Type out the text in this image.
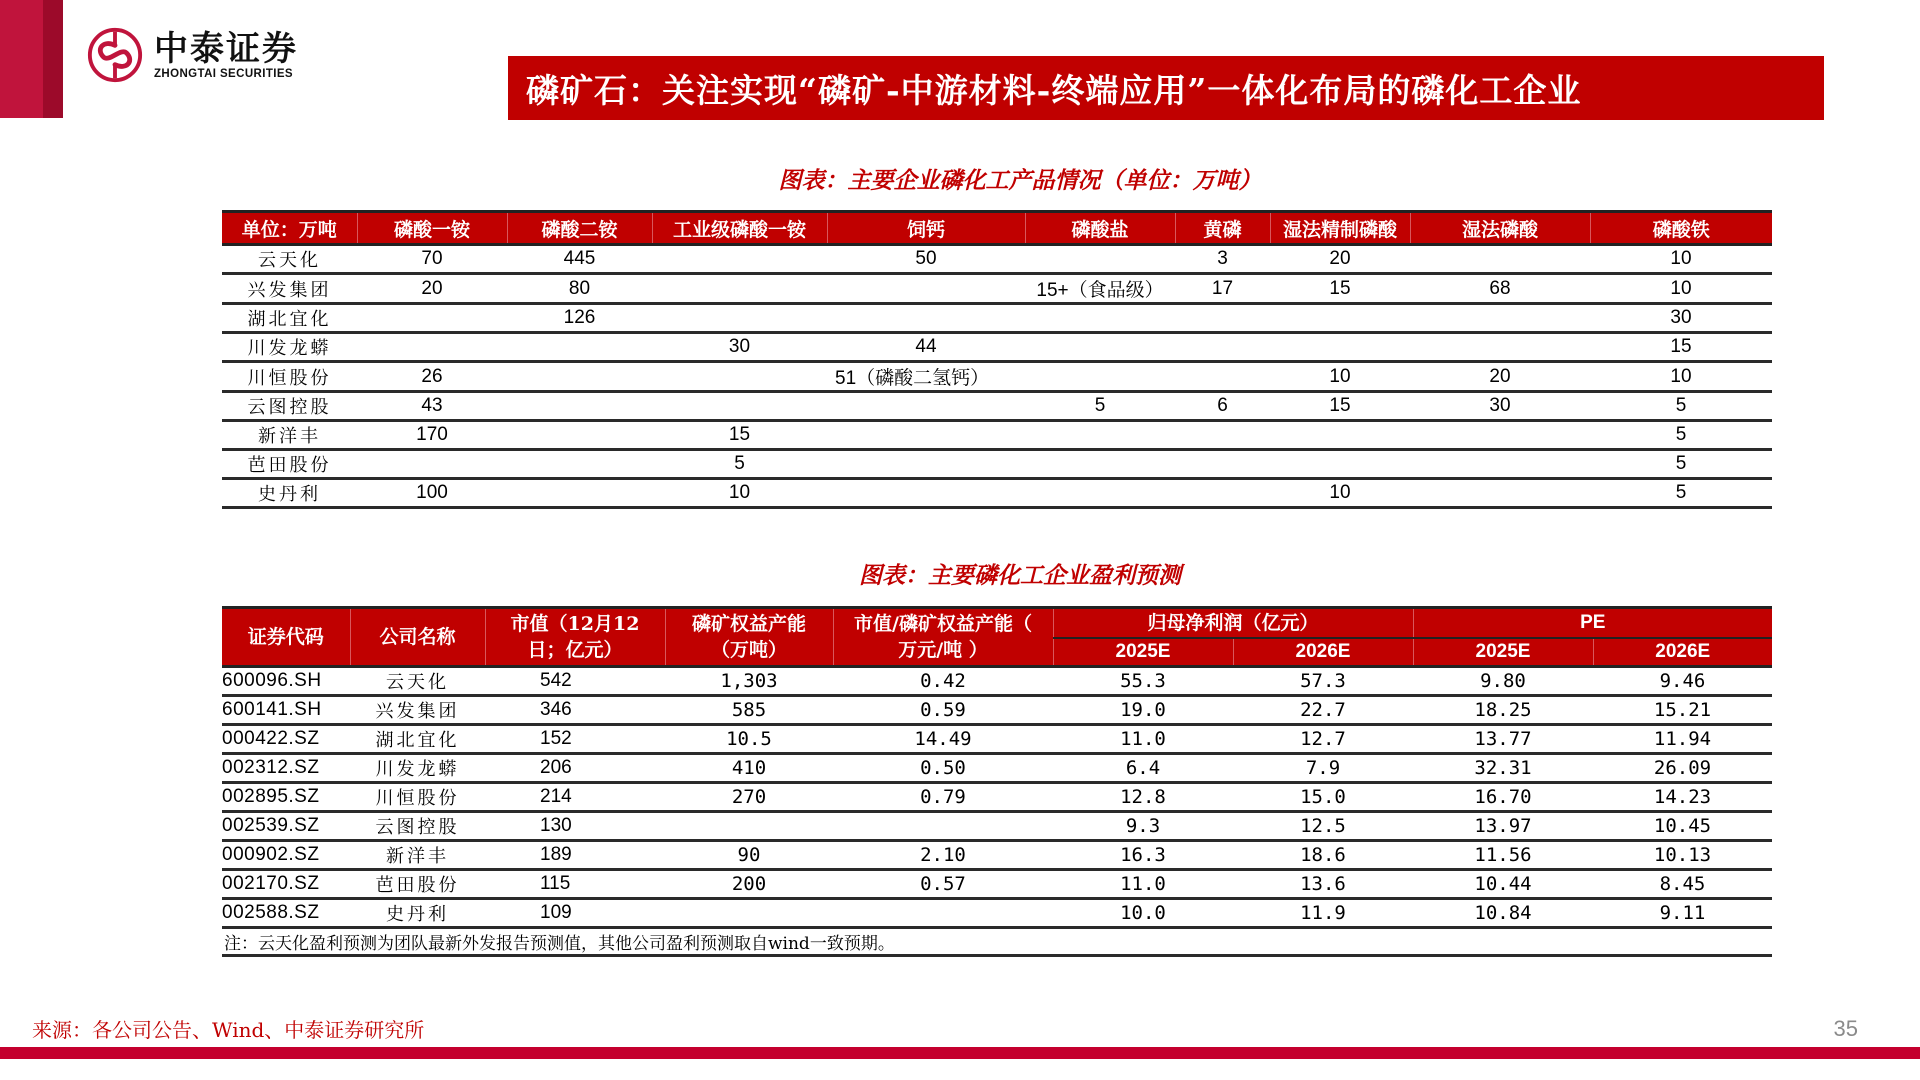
中泰证券
ZHONGTAI SECURITIES	磷矿石：关注实现“磷矿-中游材料-终端应用”一体化布局的磷化工企业
图表：主要企业磷化工产品情况（单位：万吨）
单位：万吨	磷酸一铵	磷酸二铵	工业级磷酸一铵	饲钙	磷酸盐	黄磷	湿法精制磷酸	湿法磷酸	磷酸铁
云天化	70	445		50		3	20		10
兴发集团	20	80			15+（食品级）	17	15	68	10
湖北宜化		126							30
川发龙蟒			30	44					15
川恒股份	26			51（磷酸二氢钙）			10	20	10
云图控股	43				5	6	15	30	5
新洋丰	170		15						5
芭田股份			5						5
史丹利	100		10				10		5
图表：主要磷化工企业盈利预测
证券代码	公司名称	市值（12月12日；亿元）	磷矿权益产能（万吨）	市值/磷矿权益产能（ 万元/吨 ）	归母净利润（亿元）		PE	
					2025E	2026E	2025E	2026E
600096.SH	云天化	542	1,303	0.42	55.3	57.3	9.80	9.46
600141.SH	兴发集团	346	585	0.59	19.0	22.7	18.25	15.21
000422.SZ	湖北宜化	152	10.5	14.49	11.0	12.7	13.77	11.94
002312.SZ	川发龙蟒	206	410	0.50	6.4	7.9	32.31	26.09
002895.SZ	川恒股份	214	270	0.79	12.8	15.0	16.70	14.23
002539.SZ	云图控股	130			9.3	12.5	13.97	10.45
000902.SZ	新洋丰	189	90	2.10	16.3	18.6	11.56	10.13
002170.SZ	芭田股份	115	200	0.57	11.0	13.6	10.44	8.45
002588.SZ	史丹利	109			10.0	11.9	10.84	9.11
注：云天化盈利预测为团队最新外发报告预测值，其他公司盈利预测取自wind一致预期。								
来源：各公司公告、Wind、中泰证券研究所	35
